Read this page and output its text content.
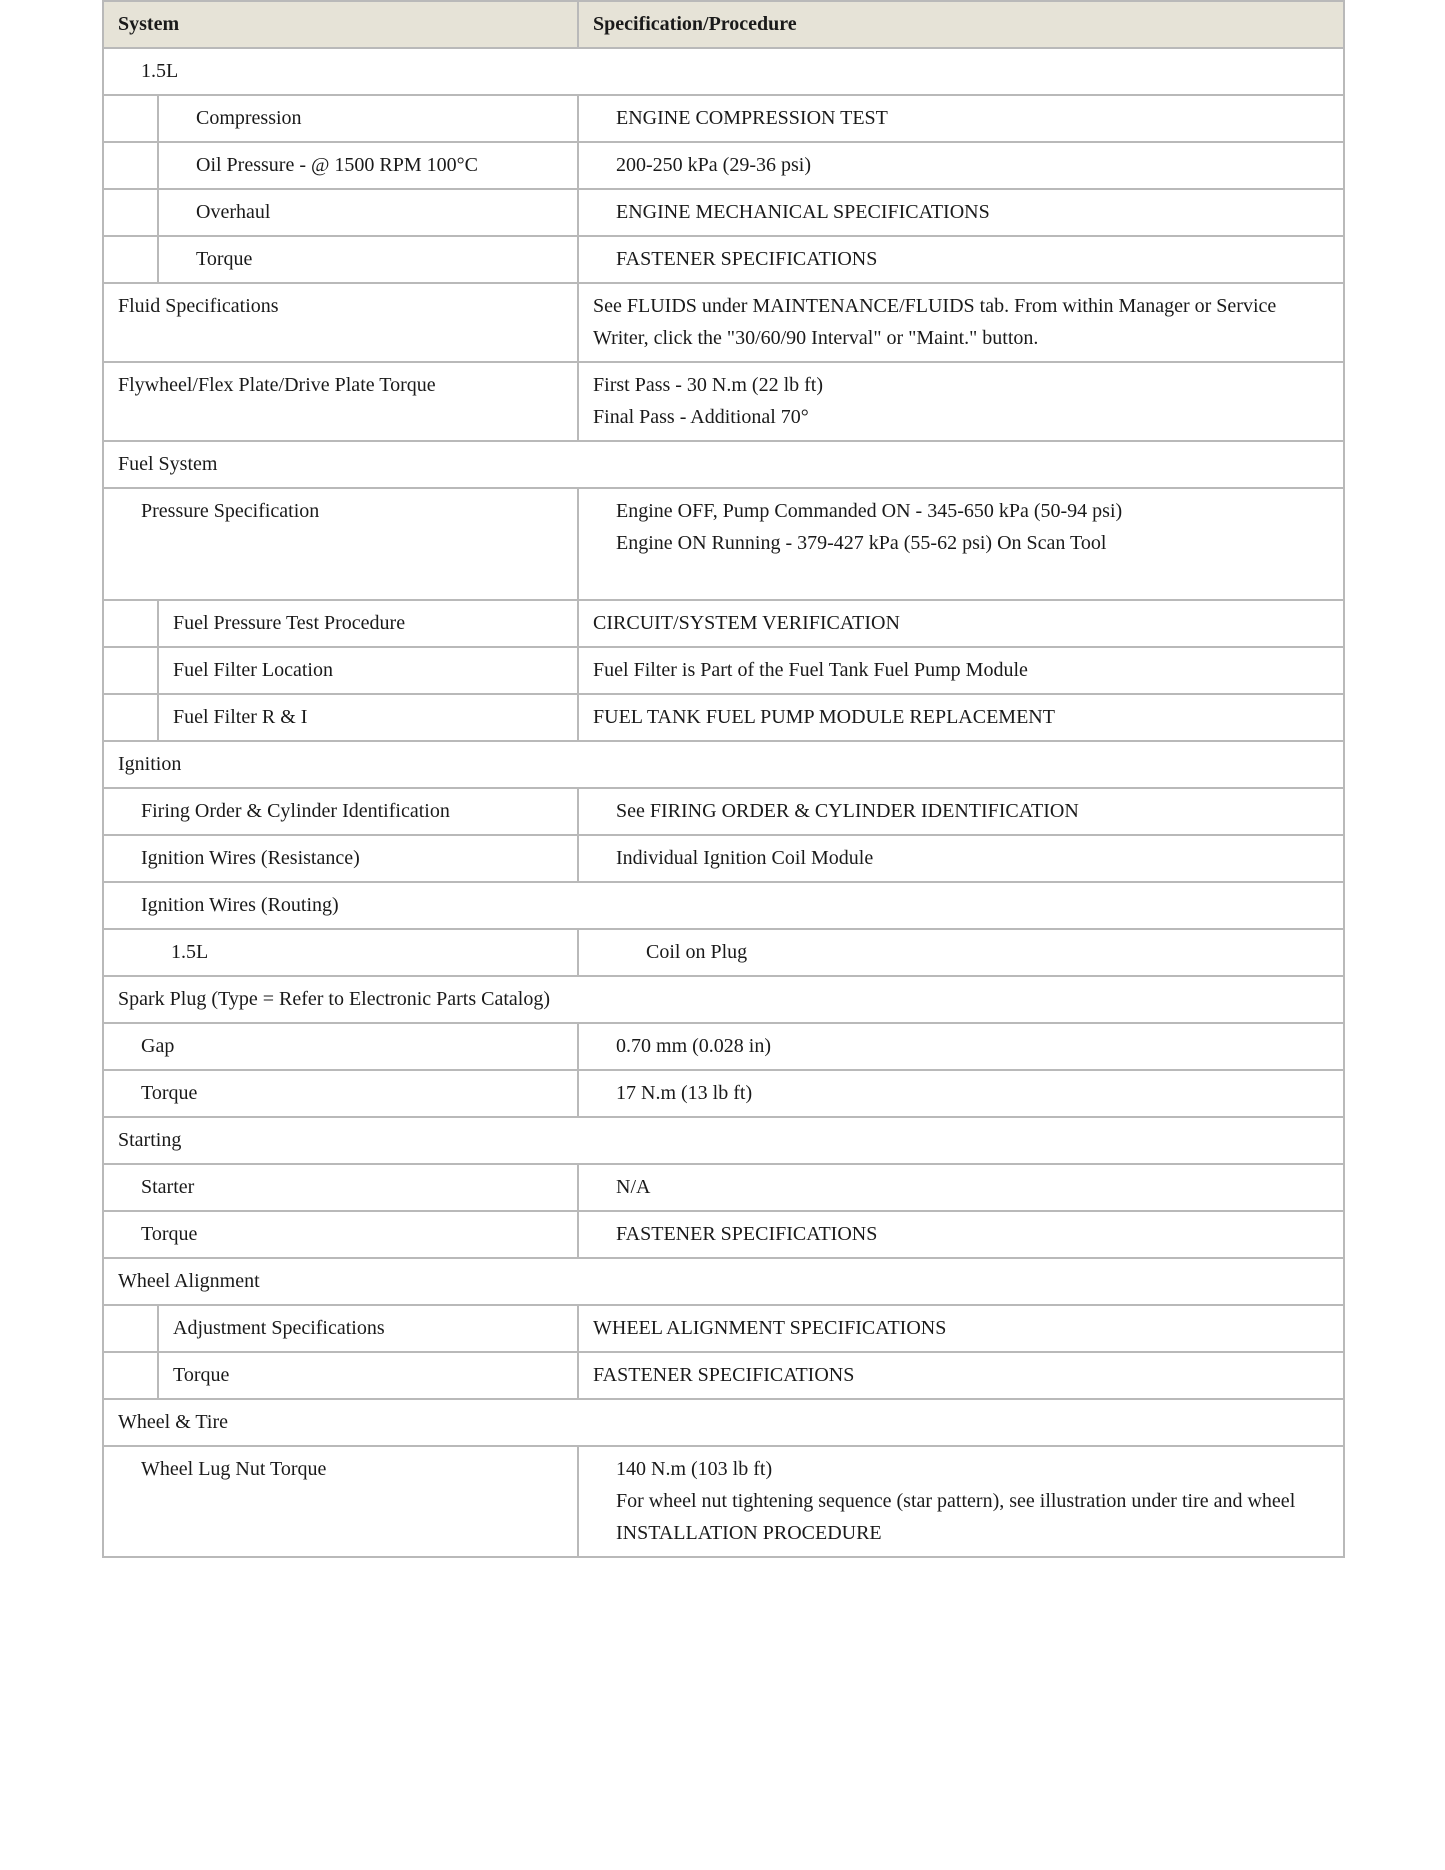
System		Specification/Procedure
1.5L		
	Compression	ENGINE COMPRESSION TEST
	Oil Pressure - @ 1500 RPM 100°C	200-250 kPa (29-36 psi)
	Overhaul	ENGINE MECHANICAL SPECIFICATIONS
	Torque	FASTENER SPECIFICATIONS
Fluid Specifications		See FLUIDS under MAINTENANCE/FLUIDS tab. From within Manager or Service Writer, click the "30/60/90 Interval" or "Maint." button.
Flywheel/Flex Plate/Drive Plate Torque		First Pass - 30 N.m (22 lb ft)
Final Pass - Additional 70°

Fuel System		
Pressure Specification		Engine OFF, Pump Commanded ON - 345-650 kPa (50-94 psi)
Engine ON Running - 379-427 kPa (55-62 psi) On Scan Tool

	Fuel Pressure Test Procedure	CIRCUIT/SYSTEM VERIFICATION
	Fuel Filter Location	Fuel Filter is Part of the Fuel Tank Fuel Pump Module
	Fuel Filter R & I	FUEL TANK FUEL PUMP MODULE REPLACEMENT
Ignition		
Firing Order & Cylinder Identification		See FIRING ORDER & CYLINDER IDENTIFICATION
Ignition Wires (Resistance)		Individual Ignition Coil Module
Ignition Wires (Routing)		
1.5L		Coil on Plug
Spark Plug (Type = Refer to Electronic Parts Catalog)		
Gap		0.70 mm (0.028 in)
Torque		17 N.m (13 lb ft)
Starting		
Starter		N/A
Torque		FASTENER SPECIFICATIONS
Wheel Alignment		
	Adjustment Specifications	WHEEL ALIGNMENT SPECIFICATIONS
	Torque	FASTENER SPECIFICATIONS
Wheel & Tire		
Wheel Lug Nut Torque		140 N.m (103 lb ft)
For wheel nut tightening sequence (star pattern), see illustration under tire and wheel INSTALLATION PROCEDURE
